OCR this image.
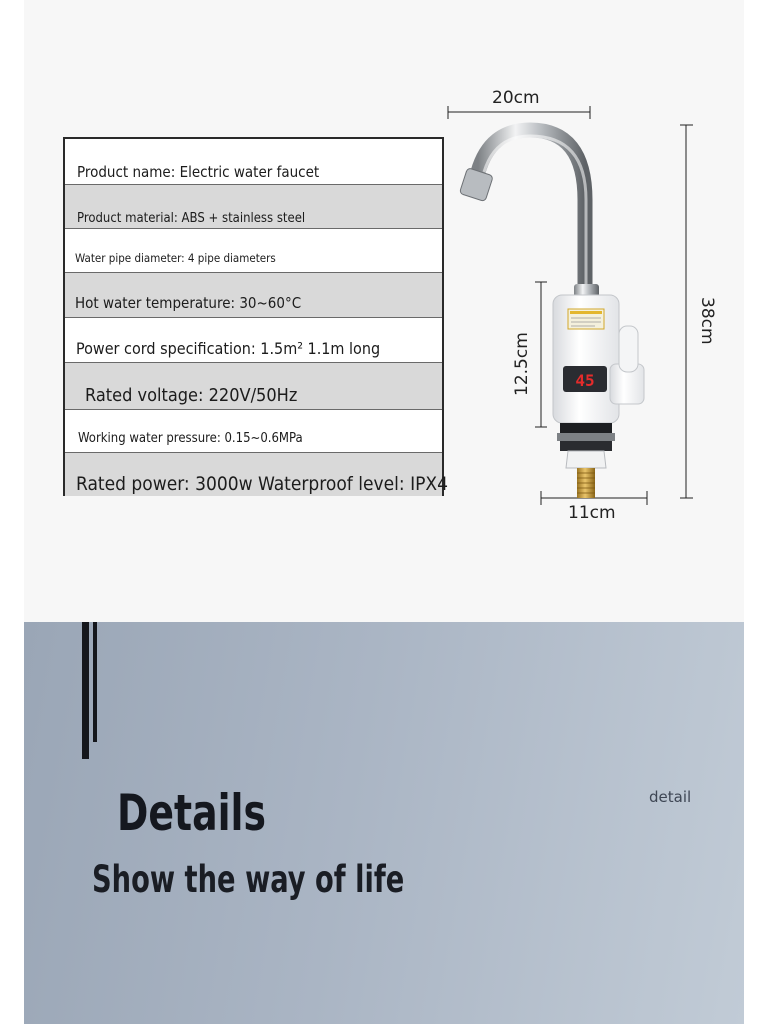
Product name: Electric water faucet
Product material: ABS + stainless steel
Water pipe diameter: 4 pipe diameters
Hot water temperature: 30~60°C
Power cord specification: 1.5m² 1.1m long
Rated voltage: 220V/50Hz
Working water pressure: 0.15~0.6MPa
Rated power: 3000w Waterproof level: IPX4
45
20cm
38cm
12.5cm
11cm
Details
Show the way of life
detail
